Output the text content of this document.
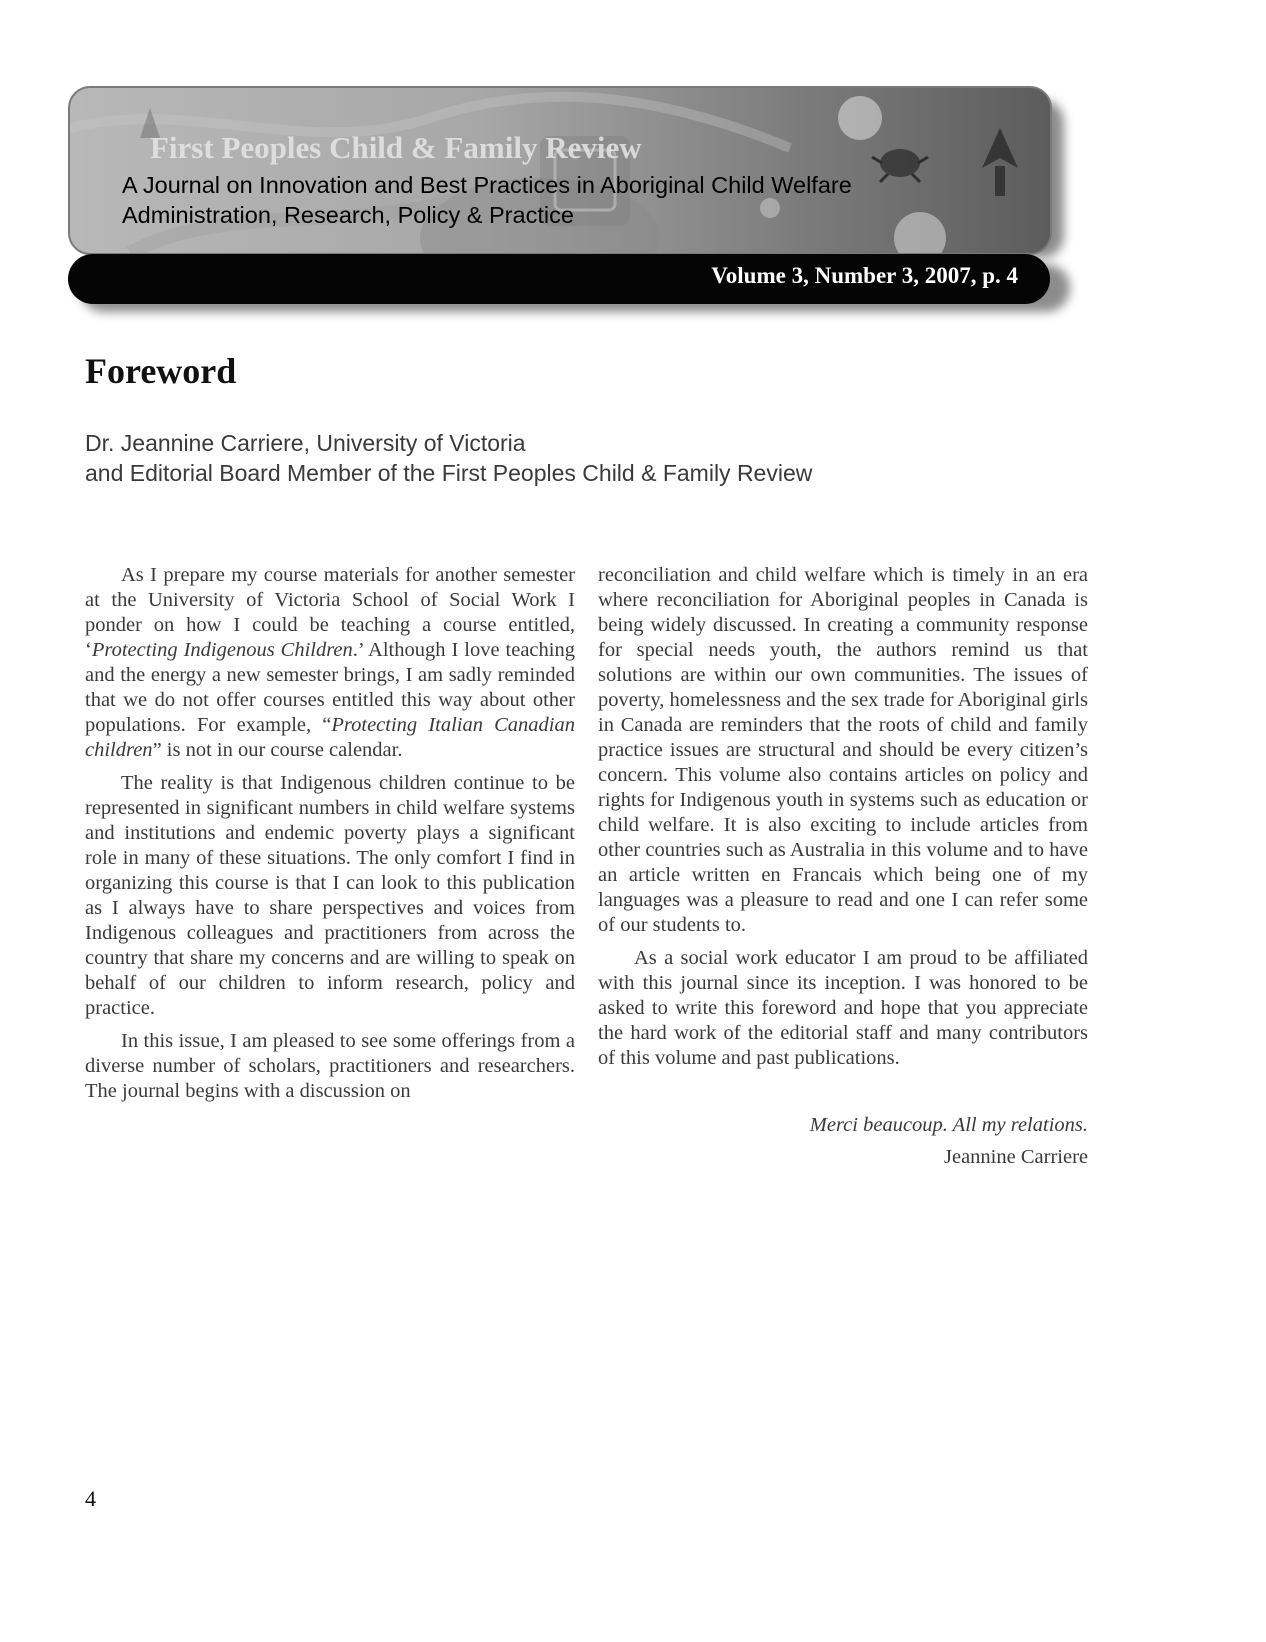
First Peoples Child & Family Review
A Journal on Innovation and Best Practices in Aboriginal Child Welfare
Administration, Research, Policy & Practice
Volume 3, Number 3, 2007, p. 4
Foreword
Dr. Jeannine Carriere, University of Victoria
and Editorial Board Member of the First Peoples Child & Family Review

As I prepare my course materials for another semester at the University of Victoria School of Social Work I ponder on how I could be teaching a course entitled, ‘Protecting Indigenous Children.’ Although I love teaching and the energy a new semester brings, I am sadly reminded that we do not offer courses entitled this way about other populations. For example, “Protecting Italian Canadian children” is not in our course calendar.

The reality is that Indigenous children continue to be represented in significant numbers in child welfare systems and institutions and endemic poverty plays a significant role in many of these situations. The only comfort I find in organizing this course is that I can look to this publication as I always have to share perspectives and voices from Indigenous colleagues and practitioners from across the country that share my concerns and are willing to speak on behalf of our children to inform research, policy and practice.

In this issue, I am pleased to see some offerings from a diverse number of scholars, practitioners and researchers. The journal begins with a discussion on

reconciliation and child welfare which is timely in an era where reconciliation for Aboriginal peoples in Canada is being widely discussed. In creating a community response for special needs youth, the authors remind us that solutions are within our own communities. The issues of poverty, homelessness and the sex trade for Aboriginal girls in Canada are reminders that the roots of child and family practice issues are structural and should be every citizen’s concern. This volume also contains articles on policy and rights for Indigenous youth in systems such as education or child welfare. It is also exciting to include articles from other countries such as Australia in this volume and to have an article written en Francais which being one of my languages was a pleasure to read and one I can refer some of our students to.

As a social work educator I am proud to be affiliated with this journal since its inception. I was honored to be asked to write this foreword and hope that you appreciate the hard work of the editorial staff and many contributors of this volume and past publications.

Merci beaucoup. All my relations.
Jeannine Carriere
4
